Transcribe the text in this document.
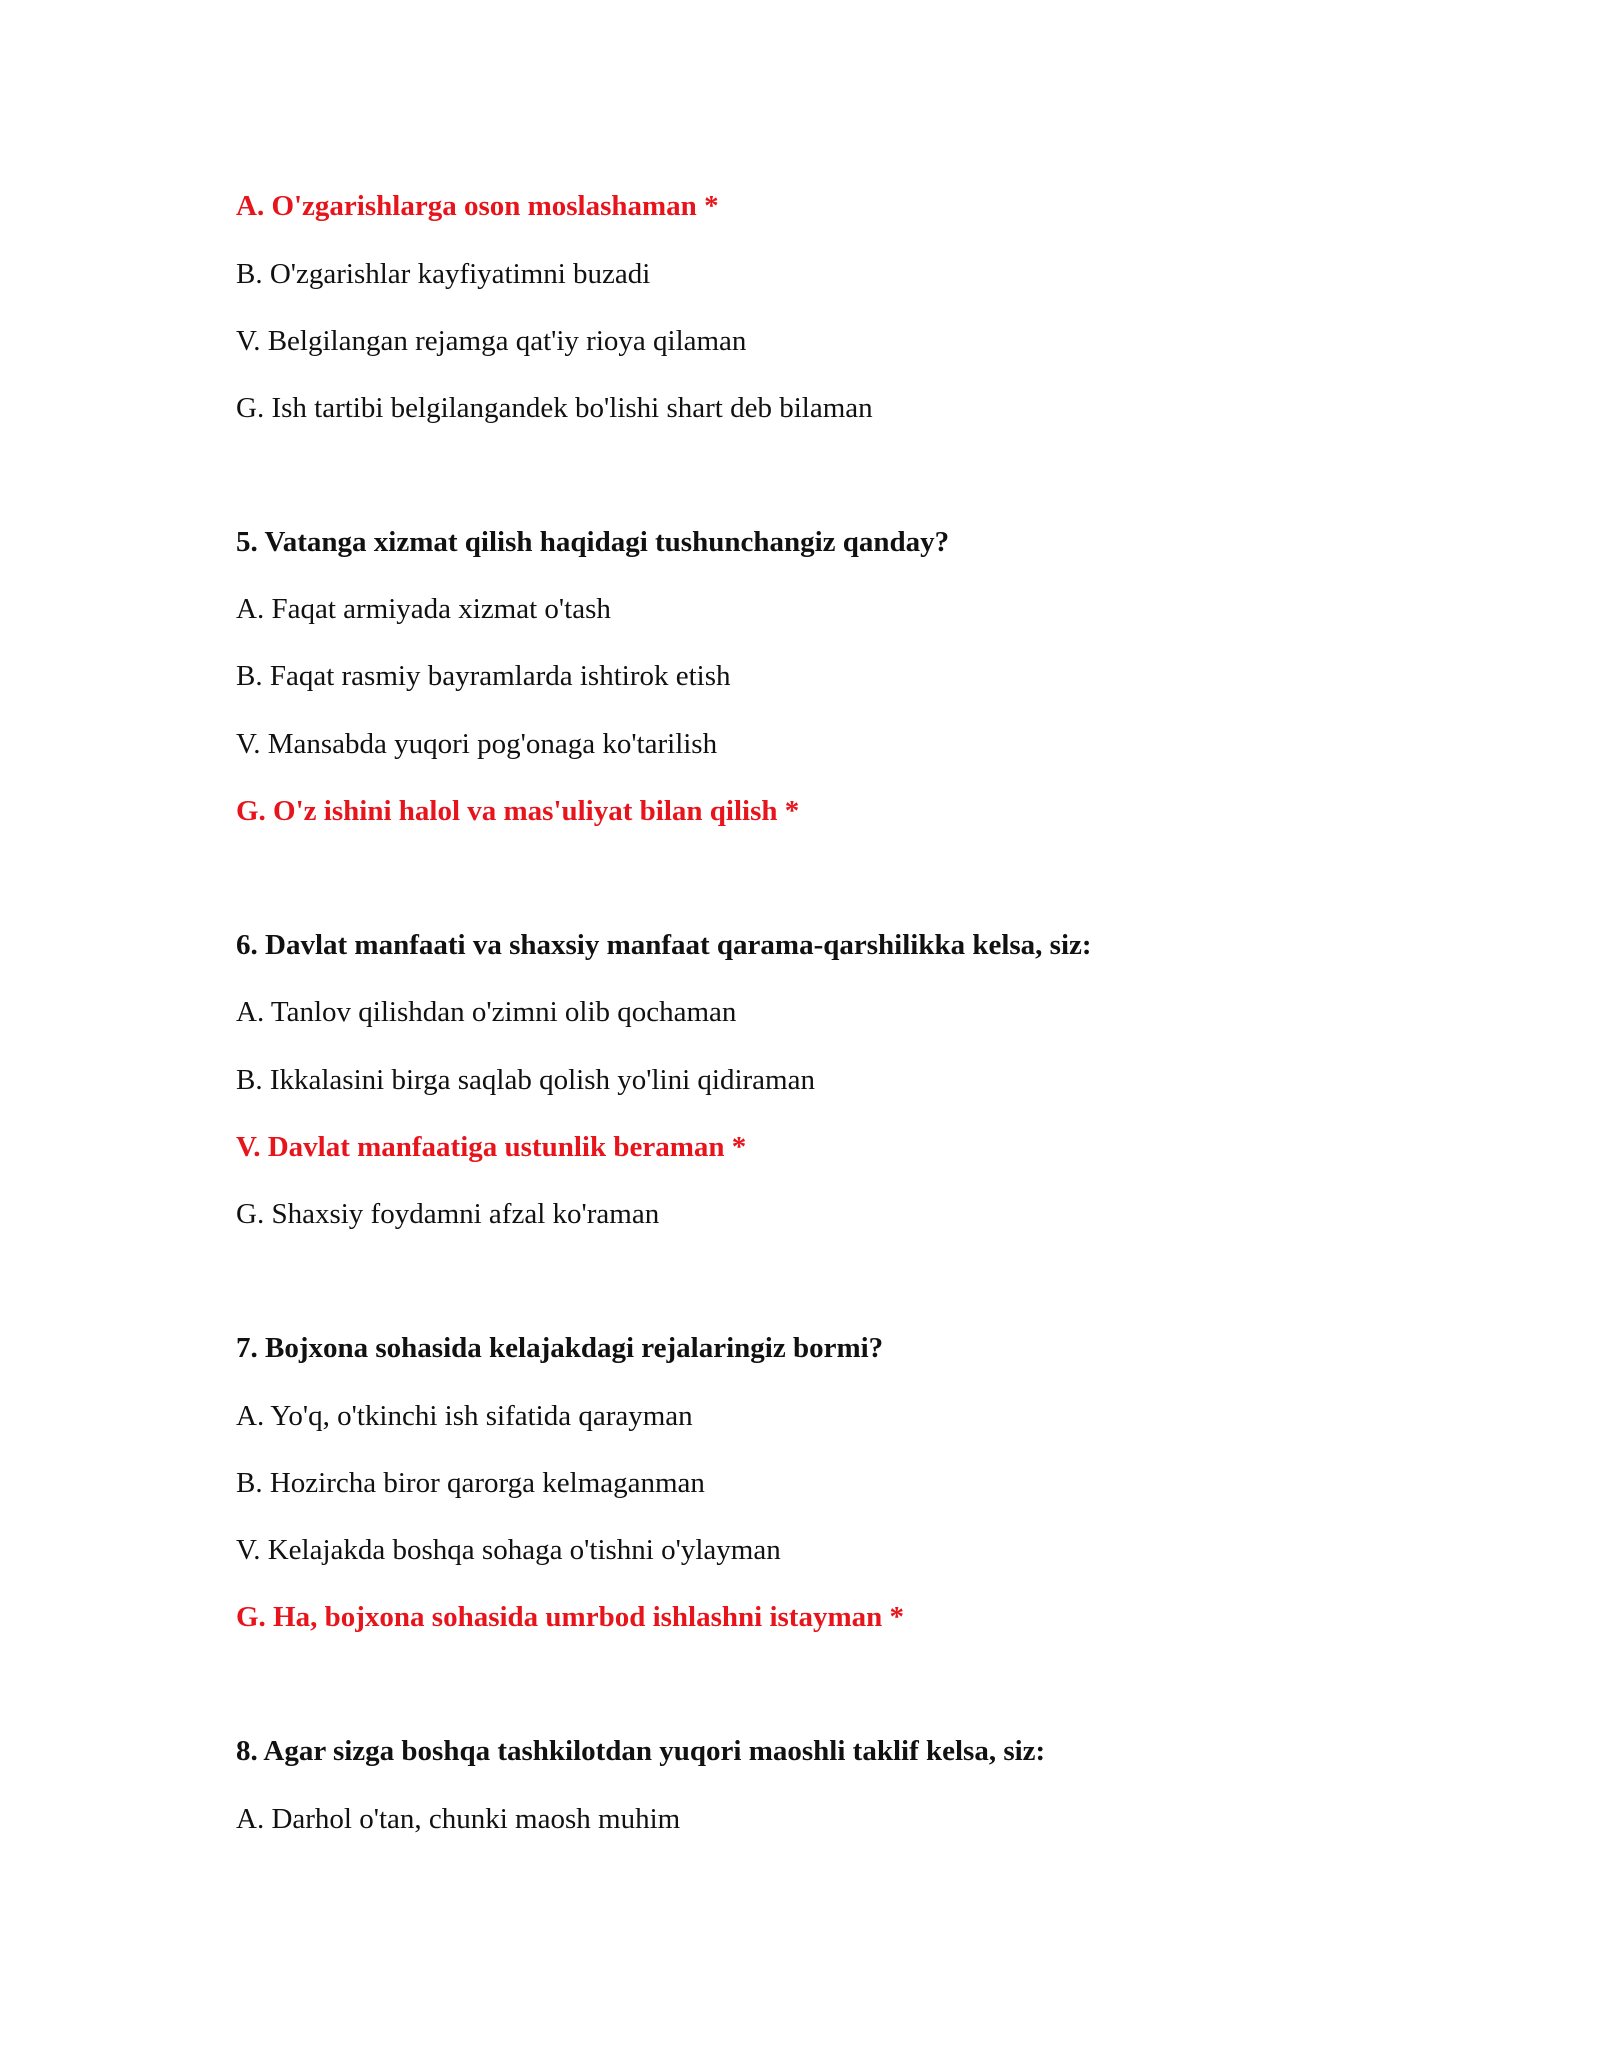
A. O'zgarishlarga oson moslashaman *
B. O'zgarishlar kayfiyatimni buzadi
V. Belgilangan rejamga qat'iy rioya qilaman
G. Ish tartibi belgilangandek bo'lishi shart deb bilaman
5. Vatanga xizmat qilish haqidagi tushunchangiz qanday?
A. Faqat armiyada xizmat o'tash
B. Faqat rasmiy bayramlarda ishtirok etish
V. Mansabda yuqori pog'onaga ko'tarilish
G. O'z ishini halol va mas'uliyat bilan qilish *
6. Davlat manfaati va shaxsiy manfaat qarama-qarshilikka kelsa, siz:
A. Tanlov qilishdan o'zimni olib qochaman
B. Ikkalasini birga saqlab qolish yo'lini qidiraman
V. Davlat manfaatiga ustunlik beraman *
G. Shaxsiy foydamni afzal ko'raman
7. Bojxona sohasida kelajakdagi rejalaringiz bormi?
A. Yo'q, o'tkinchi ish sifatida qarayman
B. Hozircha biror qarorga kelmaganman
V. Kelajakda boshqa sohaga o'tishni o'ylayman
G. Ha, bojxona sohasida umrbod ishlashni istayman *
8. Agar sizga boshqa tashkilotdan yuqori maoshli taklif kelsa, siz:
A. Darhol o'tan, chunki maosh muhim
